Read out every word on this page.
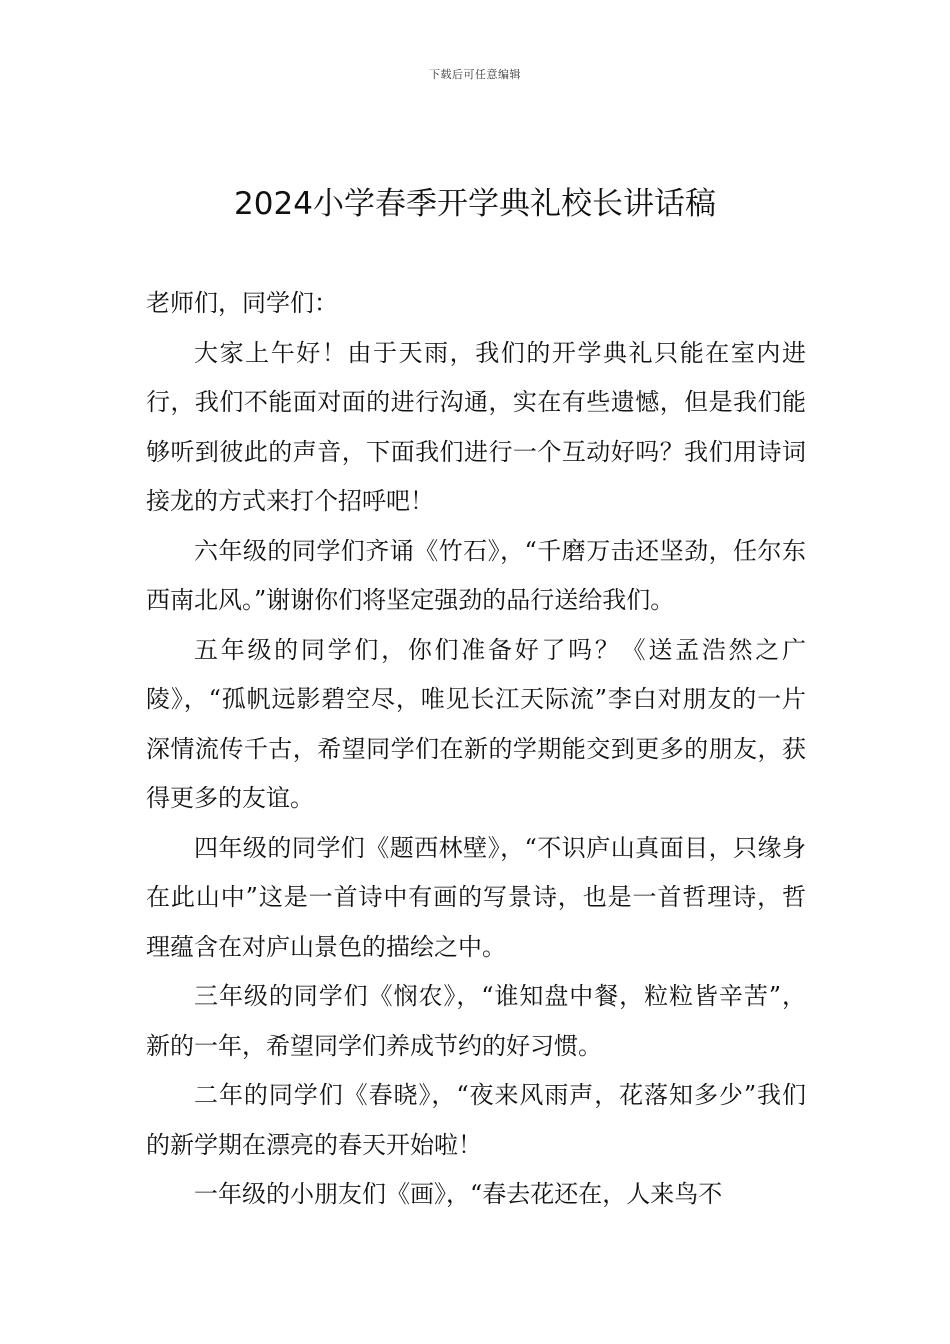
下载后可任意编辑
2024小学春季开学典礼校长讲话稿

老师们，同学们：

大家上午好！由于天雨，我们的开学典礼只能在室内进行，我们不能面对面的进行沟通，实在有些遗憾，但是我们能够听到彼此的声音，下面我们进行一个互动好吗？我们用诗词接龙的方式来打个招呼吧！

六年级的同学们齐诵《竹石》，“千磨万击还坚劲，任尔东西南北风。”谢谢你们将坚定强劲的品行送给我们。

五年级的同学们，你们准备好了吗？《送孟浩然之广陵》，“孤帆远影碧空尽，唯见长江天际流”李白对朋友的一片深情流传千古，希望同学们在新的学期能交到更多的朋友，获得更多的友谊。

四年级的同学们《题西林壁》，“不识庐山真面目，只缘身在此山中”这是一首诗中有画的写景诗，也是一首哲理诗，哲理蕴含在对庐山景色的描绘之中。

三年级的同学们《悯农》，“谁知盘中餐，粒粒皆辛苦”，新的一年，希望同学们养成节约的好习惯。

二年的同学们《春晓》，“夜来风雨声，花落知多少”我们的新学期在漂亮的春天开始啦！

一年级的小朋友们《画》，“春去花还在，人来鸟不
